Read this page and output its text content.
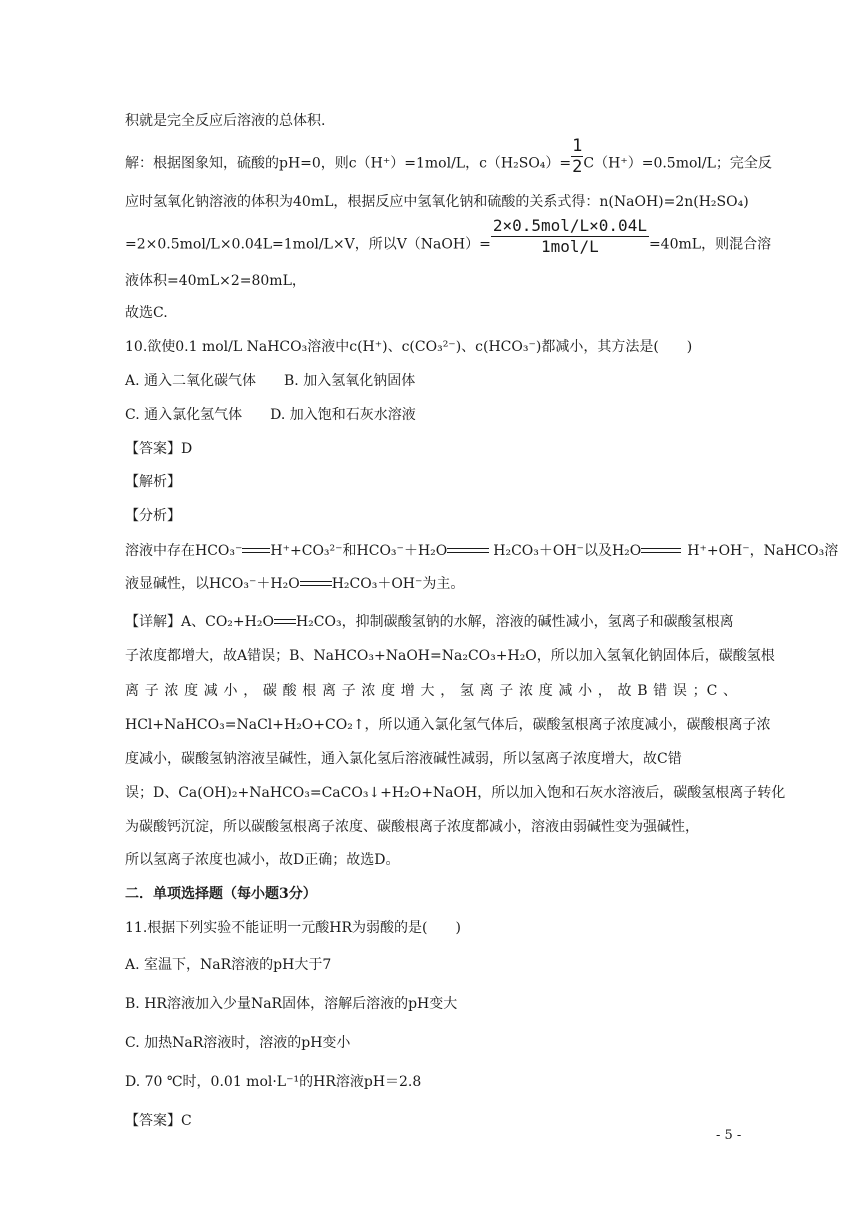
积就是完全反应后溶液的总体积.
解：根据图象知，硫酸的pH=0，则c（H⁺）=1mol/L，$c(H_2SO_4)= \frac{1}{2} C(H^+)=0.5mol/L$；完全反
应时氢氧化钠溶液的体积为40mL，根据反应中氢氧化钠和硫酸的关系式得：n(NaOH)=2n(H₂SO₄)
=2×0.5mol/L×0.04L=1mol/L×V，所以V（NaOH）= $\frac{\text{2×0.5mol/L×0.04L}}{\text{1mol/L}} =40mL$，则混合溶
液体积=40mL×2=80mL，
故选C.
10.欲使0.1 mol/L NaHCO₃溶液中c(H⁺)、c(CO₃²⁻)、c(HCO₃⁻)都减小，其方法是(　　)
A. 通入二氧化碳气体　　B. 加入氢氧化钠固体
C. 通入氯化氢气体　　D. 加入饱和石灰水溶液
【答案】D
【解析】
【分析】
溶液中存在HCO₃⁻ H⁺+CO₃²⁻和HCO₃⁻＋H₂O	H₂CO₃＋OH⁻以及H₂O	H⁺+OH⁻，NaHCO₃溶
液显碱性，以HCO₃⁻＋H₂O H₂CO₃＋OH⁻为主。
【详解】A、CO₂+H₂O H₂CO₃，抑制碳酸氢钠的水解，溶液的碱性减小，氢离子和碳酸氢根离
子浓度都增大，故A错误；B、NaHCO₃+NaOH=Na₂CO₃+H₂O，所以加入氢氧化钠固体后，碳酸氢根
离子浓度减小，碳酸根离子浓度增大，氢离子浓度减小，故B错误；C、
HCl+NaHCO₃=NaCl+H₂O+CO₂↑，所以通入氯化氢气体后，碳酸氢根离子浓度减小，碳酸根离子浓
度减小，碳酸氢钠溶液呈碱性，通入氯化氢后溶液碱性减弱，所以氢离子浓度增大，故C错
误；D、Ca(OH)₂+NaHCO₃=CaCO₃↓+H₂O+NaOH，所以加入饱和石灰水溶液后，碳酸氢根离子转化
为碳酸钙沉淀，所以碳酸氢根离子浓度、碳酸根离子浓度都减小，溶液由弱碱性变为强碱性，
所以氢离子浓度也减小，故D正确；故选D。
二．单项选择题（每小题3分）
11.根据下列实验不能证明一元酸HR为弱酸的是(　　)
A. 室温下，NaR溶液的pH大于7
B. HR溶液加入少量NaR固体，溶解后溶液的pH变大
C. 加热NaR溶液时，溶液的pH变小
D. 70 ℃时，0.01 mol·L⁻¹的HR溶液pH＝2.8
【答案】C
- 5 -
